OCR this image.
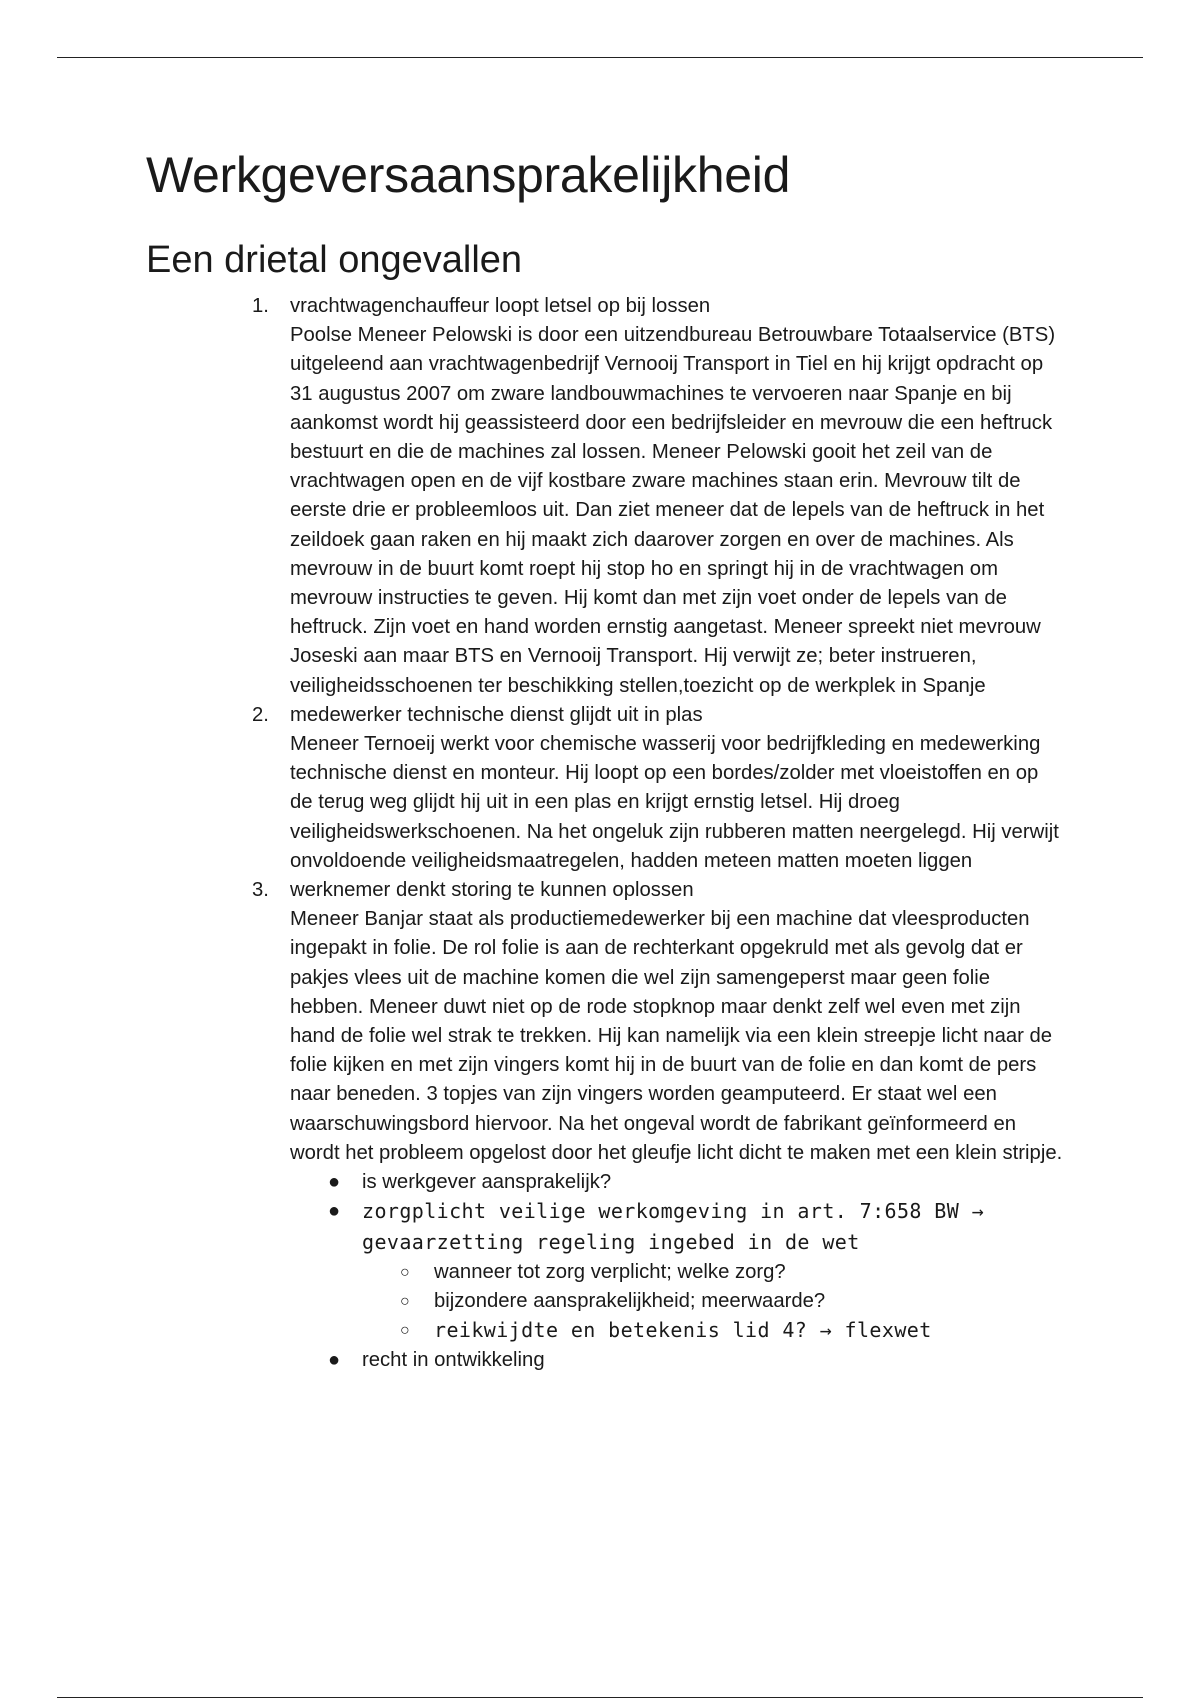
Werkgeversaansprakelijkheid
Een drietal ongevallen
1. vrachtwagenchauffeur loopt letsel op bij lossen
Poolse Meneer Pelowski is door een uitzendbureau Betrouwbare Totaalservice (BTS) uitgeleend aan vrachtwagenbedrijf Vernooij Transport in Tiel en hij krijgt opdracht op 31 augustus 2007 om zware landbouwmachines te vervoeren naar Spanje en bij aankomst wordt hij geassisteerd door een bedrijfsleider en mevrouw die een heftruck bestuurt en die de machines zal lossen. Meneer Pelowski gooit het zeil van de vrachtwagen open en de vijf kostbare zware machines staan erin. Mevrouw tilt de eerste drie er probleemloos uit. Dan ziet meneer dat de lepels van de heftruck in het zeildoek gaan raken en hij maakt zich daarover zorgen en over de machines. Als mevrouw in de buurt komt roept hij stop ho en springt hij in de vrachtwagen om mevrouw instructies te geven. Hij komt dan met zijn voet onder de lepels van de heftruck. Zijn voet en hand worden ernstig aangetast. Meneer spreekt niet mevrouw Joseski aan maar BTS en Vernooij Transport. Hij verwijt ze; beter instrueren, veiligheidsschoenen ter beschikking stellen,toezicht op de werkplek in Spanje
2. medewerker technische dienst glijdt uit in plas
Meneer Ternoeij werkt voor chemische wasserij voor bedrijfkleding en medewerking technische dienst en monteur. Hij loopt op een bordes/zolder met vloeistoffen en op de terug weg glijdt hij uit in een plas en krijgt ernstig letsel. Hij droeg veiligheidswerkschoenen. Na het ongeluk zijn rubberen matten neergelegd. Hij verwijt onvoldoende veiligheidsmaatregelen, hadden meteen matten moeten liggen
3. werknemer denkt storing te kunnen oplossen
Meneer Banjar staat als productiemedewerker bij een machine dat vleesproducten ingepakt in folie. De rol folie is aan de rechterkant opgekruld met als gevolg dat er pakjes vlees uit de machine komen die wel zijn samengeperst maar geen folie hebben. Meneer duwt niet op de rode stopknop maar denkt zelf wel even met zijn hand de folie wel strak te trekken. Hij kan namelijk via een klein streepje licht naar de folie kijken en met zijn vingers komt hij in de buurt van de folie en dan komt de pers naar beneden. 3 topjes van zijn vingers worden geamputeerd. Er staat wel een waarschuwingsbord hiervoor. Na het ongeval wordt de fabrikant geïnformeerd en wordt het probleem opgelost door het gleufje licht dicht te maken met een klein stripje.
● is werkgever aansprakelijk?
● zorgplicht veilige werkomgeving in art. 7:658 BW → gevaarzetting regeling ingebed in de wet
○ wanneer tot zorg verplicht; welke zorg?
○ bijzondere aansprakelijkheid; meerwaarde?
○ reikwijdte en betekenis lid 4? → flexwet
● recht in ontwikkeling
